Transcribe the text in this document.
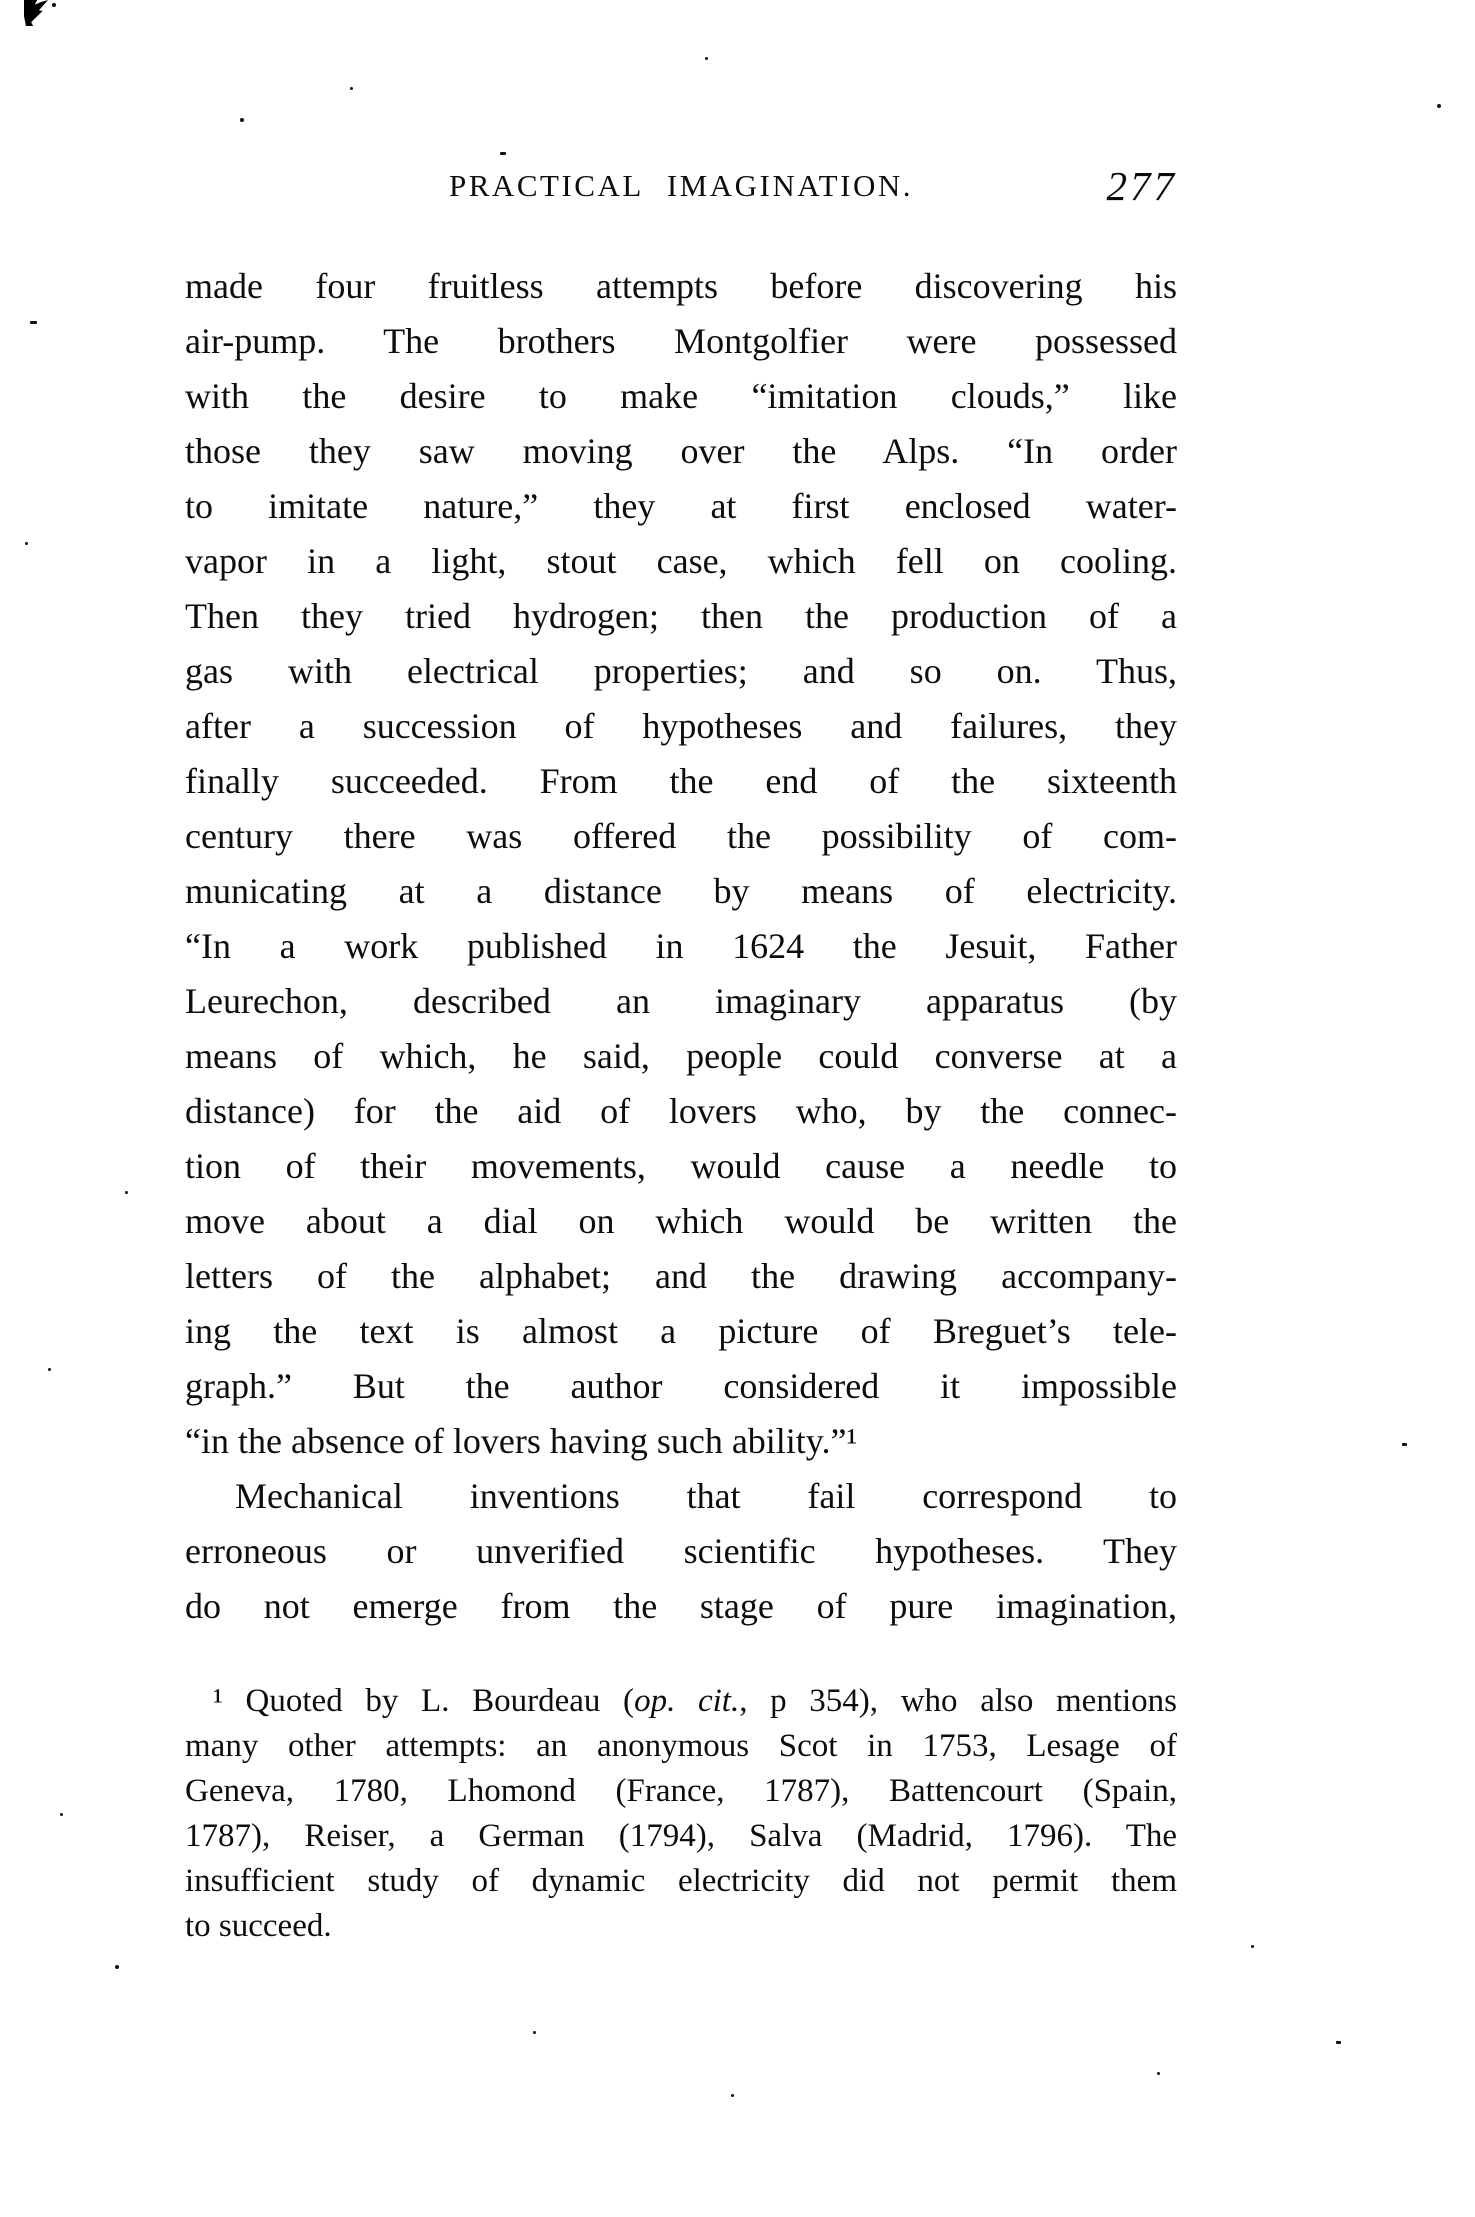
PRACTICAL IMAGINATION.	277
made four fruitless attempts before discovering his
air-pump. The brothers Montgolfier were possessed
with the desire to make “imitation clouds,” like
those they saw moving over the Alps. “In order
to imitate nature,” they at first enclosed water-
vapor in a light, stout case, which fell on cooling.
Then they tried hydrogen; then the production of a
gas with electrical properties; and so on. Thus,
after a succession of hypotheses and failures, they
finally succeeded. From the end of the sixteenth
century there was offered the possibility of com-
municating at a distance by means of electricity.
“In a work published in 1624 the Jesuit, Father
Leurechon, described an imaginary apparatus (by
means of which, he said, people could converse at a
distance) for the aid of lovers who, by the connec-
tion of their movements, would cause a needle to
move about a dial on which would be written the
letters of the alphabet; and the drawing accompany-
ing the text is almost a picture of Breguet’s tele-
graph.” But the author considered it impossible
“in the absence of lovers having such ability.”¹
Mechanical inventions that fail correspond to
erroneous or unverified scientific hypotheses. They
do not emerge from the stage of pure imagination,
¹ Quoted by L. Bourdeau (op. cit., p 354), who also mentions
many other attempts: an anonymous Scot in 1753, Lesage of
Geneva, 1780, Lhomond (France, 1787), Battencourt (Spain,
1787), Reiser, a German (1794), Salva (Madrid, 1796). The
insufficient study of dynamic electricity did not permit them
to succeed.
